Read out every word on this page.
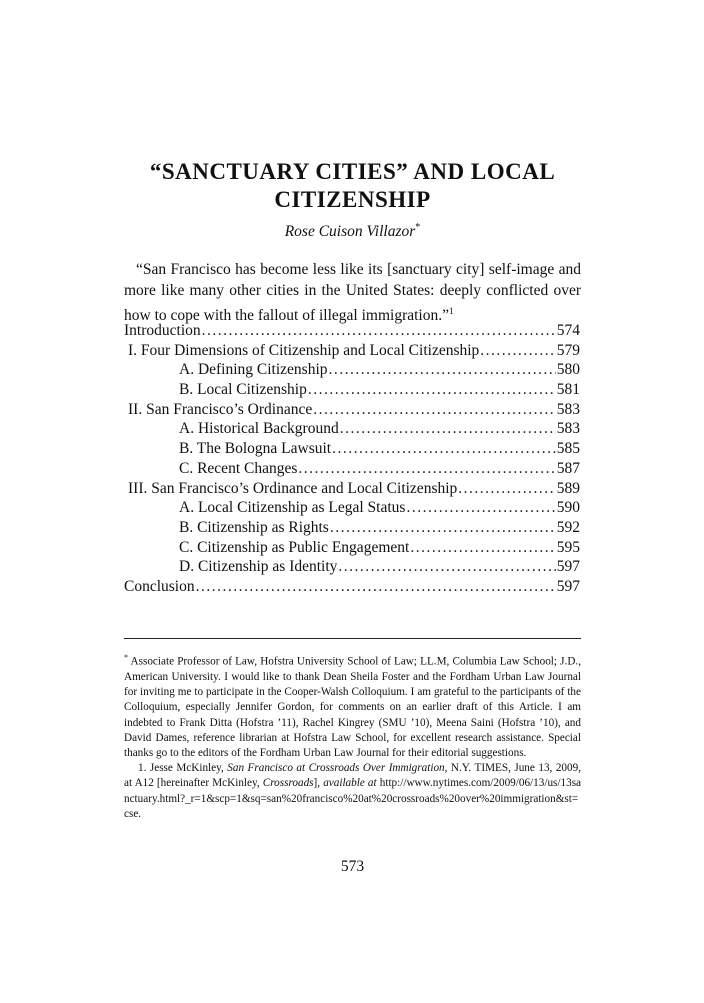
“SANCTUARY CITIES” AND LOCAL
CITIZENSHIP
Rose Cuison Villazor*
“San Francisco has become less like its [sanctuary city] self-image and more like many other cities in the United States: deeply conflicted over how to cope with the fallout of illegal immigration.”$^1$
Introduction .....	574
I. Four Dimensions of Citizenship and Local Citizenship .....	579
A. Defining Citizenship .....	580
B. Local Citizenship .....	581
II. San Francisco’s Ordinance .....	583
A. Historical Background .....	583
B. The Bologna Lawsuit .....	585
C. Recent Changes .....	587
III. San Francisco’s Ordinance and Local Citizenship .....	589
A. Local Citizenship as Legal Status .....	590
B. Citizenship as Rights .....	592
C. Citizenship as Public Engagement .....	595
D. Citizenship as Identity .....	597
Conclusion .....	597

* Associate Professor of Law, Hofstra University School of Law; LL.M, Columbia Law School; J.D., American University. I would like to thank Dean Sheila Foster and the Fordham Urban Law Journal for inviting me to participate in the Cooper-Walsh Colloquium. I am grateful to the participants of the Colloquium, especially Jennifer Gordon, for comments on an earlier draft of this Article. I am indebted to Frank Ditta (Hofstra ’11), Rachel Kingrey (SMU ’10), Meena Saini (Hofstra ’10), and David Dames, reference librarian at Hofstra Law School, for excellent research assistance. Special thanks go to the editors of the Fordham Urban Law Journal for their editorial suggestions.

1. Jesse McKinley, San Francisco at Crossroads Over Immigration, N.Y. TIMES, June 13, 2009, at A12 [hereinafter McKinley, Crossroads], available at http://www.nytimes.com/2009/06/13/us/13sanctuary.html?_r=1&scp=1&sq=san%20francisco%20at%20crossroads%20over%20immigration&st=cse.

573
